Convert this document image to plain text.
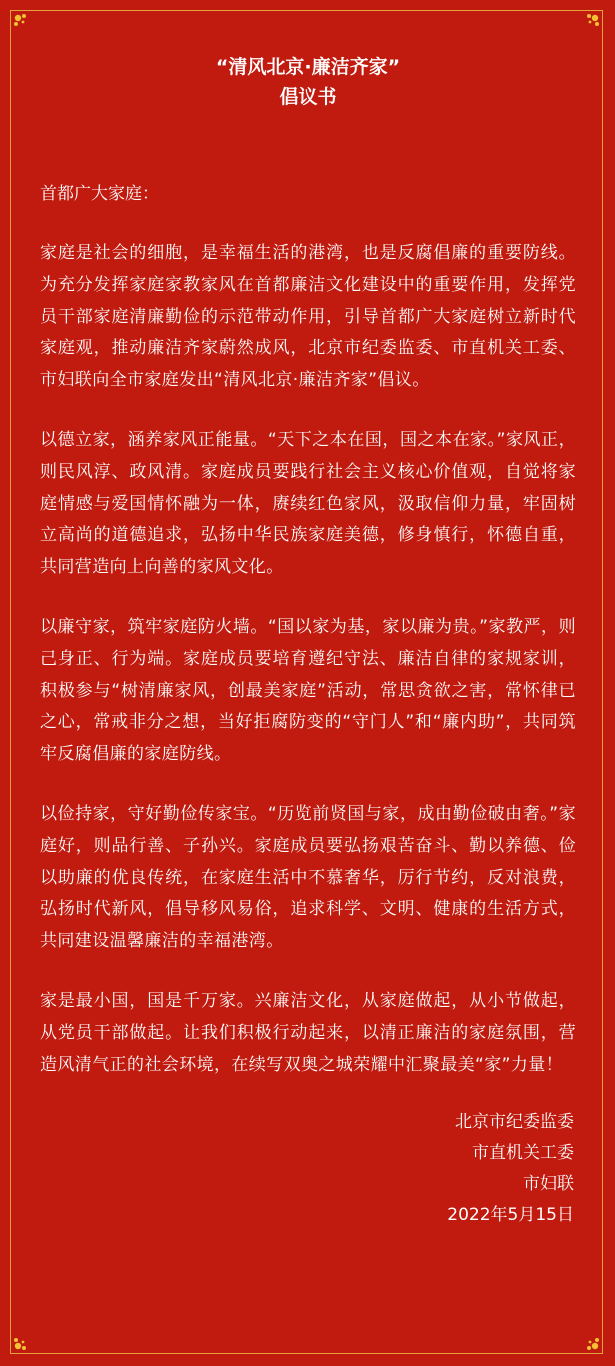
“清风北京·廉洁齐家”
倡议书

首都广大家庭：

家庭是社会的细胞，是幸福生活的港湾，也是反腐倡廉的重要防线。为充分发挥家庭家教家风在首都廉洁文化建设中的重要作用，发挥党员干部家庭清廉勤俭的示范带动作用，引导首都广大家庭树立新时代家庭观，推动廉洁齐家蔚然成风，北京市纪委监委、市直机关工委、市妇联向全市家庭发出“清风北京·廉洁齐家”倡议。

以德立家，涵养家风正能量。“天下之本在国，国之本在家。”家风正，则民风淳、政风清。家庭成员要践行社会主义核心价值观，自觉将家庭情感与爱国情怀融为一体，赓续红色家风，汲取信仰力量，牢固树立高尚的道德追求，弘扬中华民族家庭美德，修身慎行，怀德自重，共同营造向上向善的家风文化。

以廉守家，筑牢家庭防火墙。“国以家为基，家以廉为贵。”家教严，则己身正、行为端。家庭成员要培育遵纪守法、廉洁自律的家规家训，积极参与“树清廉家风，创最美家庭”活动，常思贪欲之害，常怀律已之心，常戒非分之想，当好拒腐防变的“守门人”和“廉内助”，共同筑牢反腐倡廉的家庭防线。

以俭持家，守好勤俭传家宝。“历览前贤国与家，成由勤俭破由奢。”家庭好，则品行善、子孙兴。家庭成员要弘扬艰苦奋斗、勤以养德、俭以助廉的优良传统，在家庭生活中不慕奢华，厉行节约，反对浪费，弘扬时代新风，倡导移风易俗，追求科学、文明、健康的生活方式，共同建设温馨廉洁的幸福港湾。

家是最小国，国是千万家。兴廉洁文化，从家庭做起，从小节做起，从党员干部做起。让我们积极行动起来，以清正廉洁的家庭氛围，营造风清气正的社会环境，在续写双奥之城荣耀中汇聚最美“家”力量！

北京市纪委监委
市直机关工委
市妇联
2022年5月15日
